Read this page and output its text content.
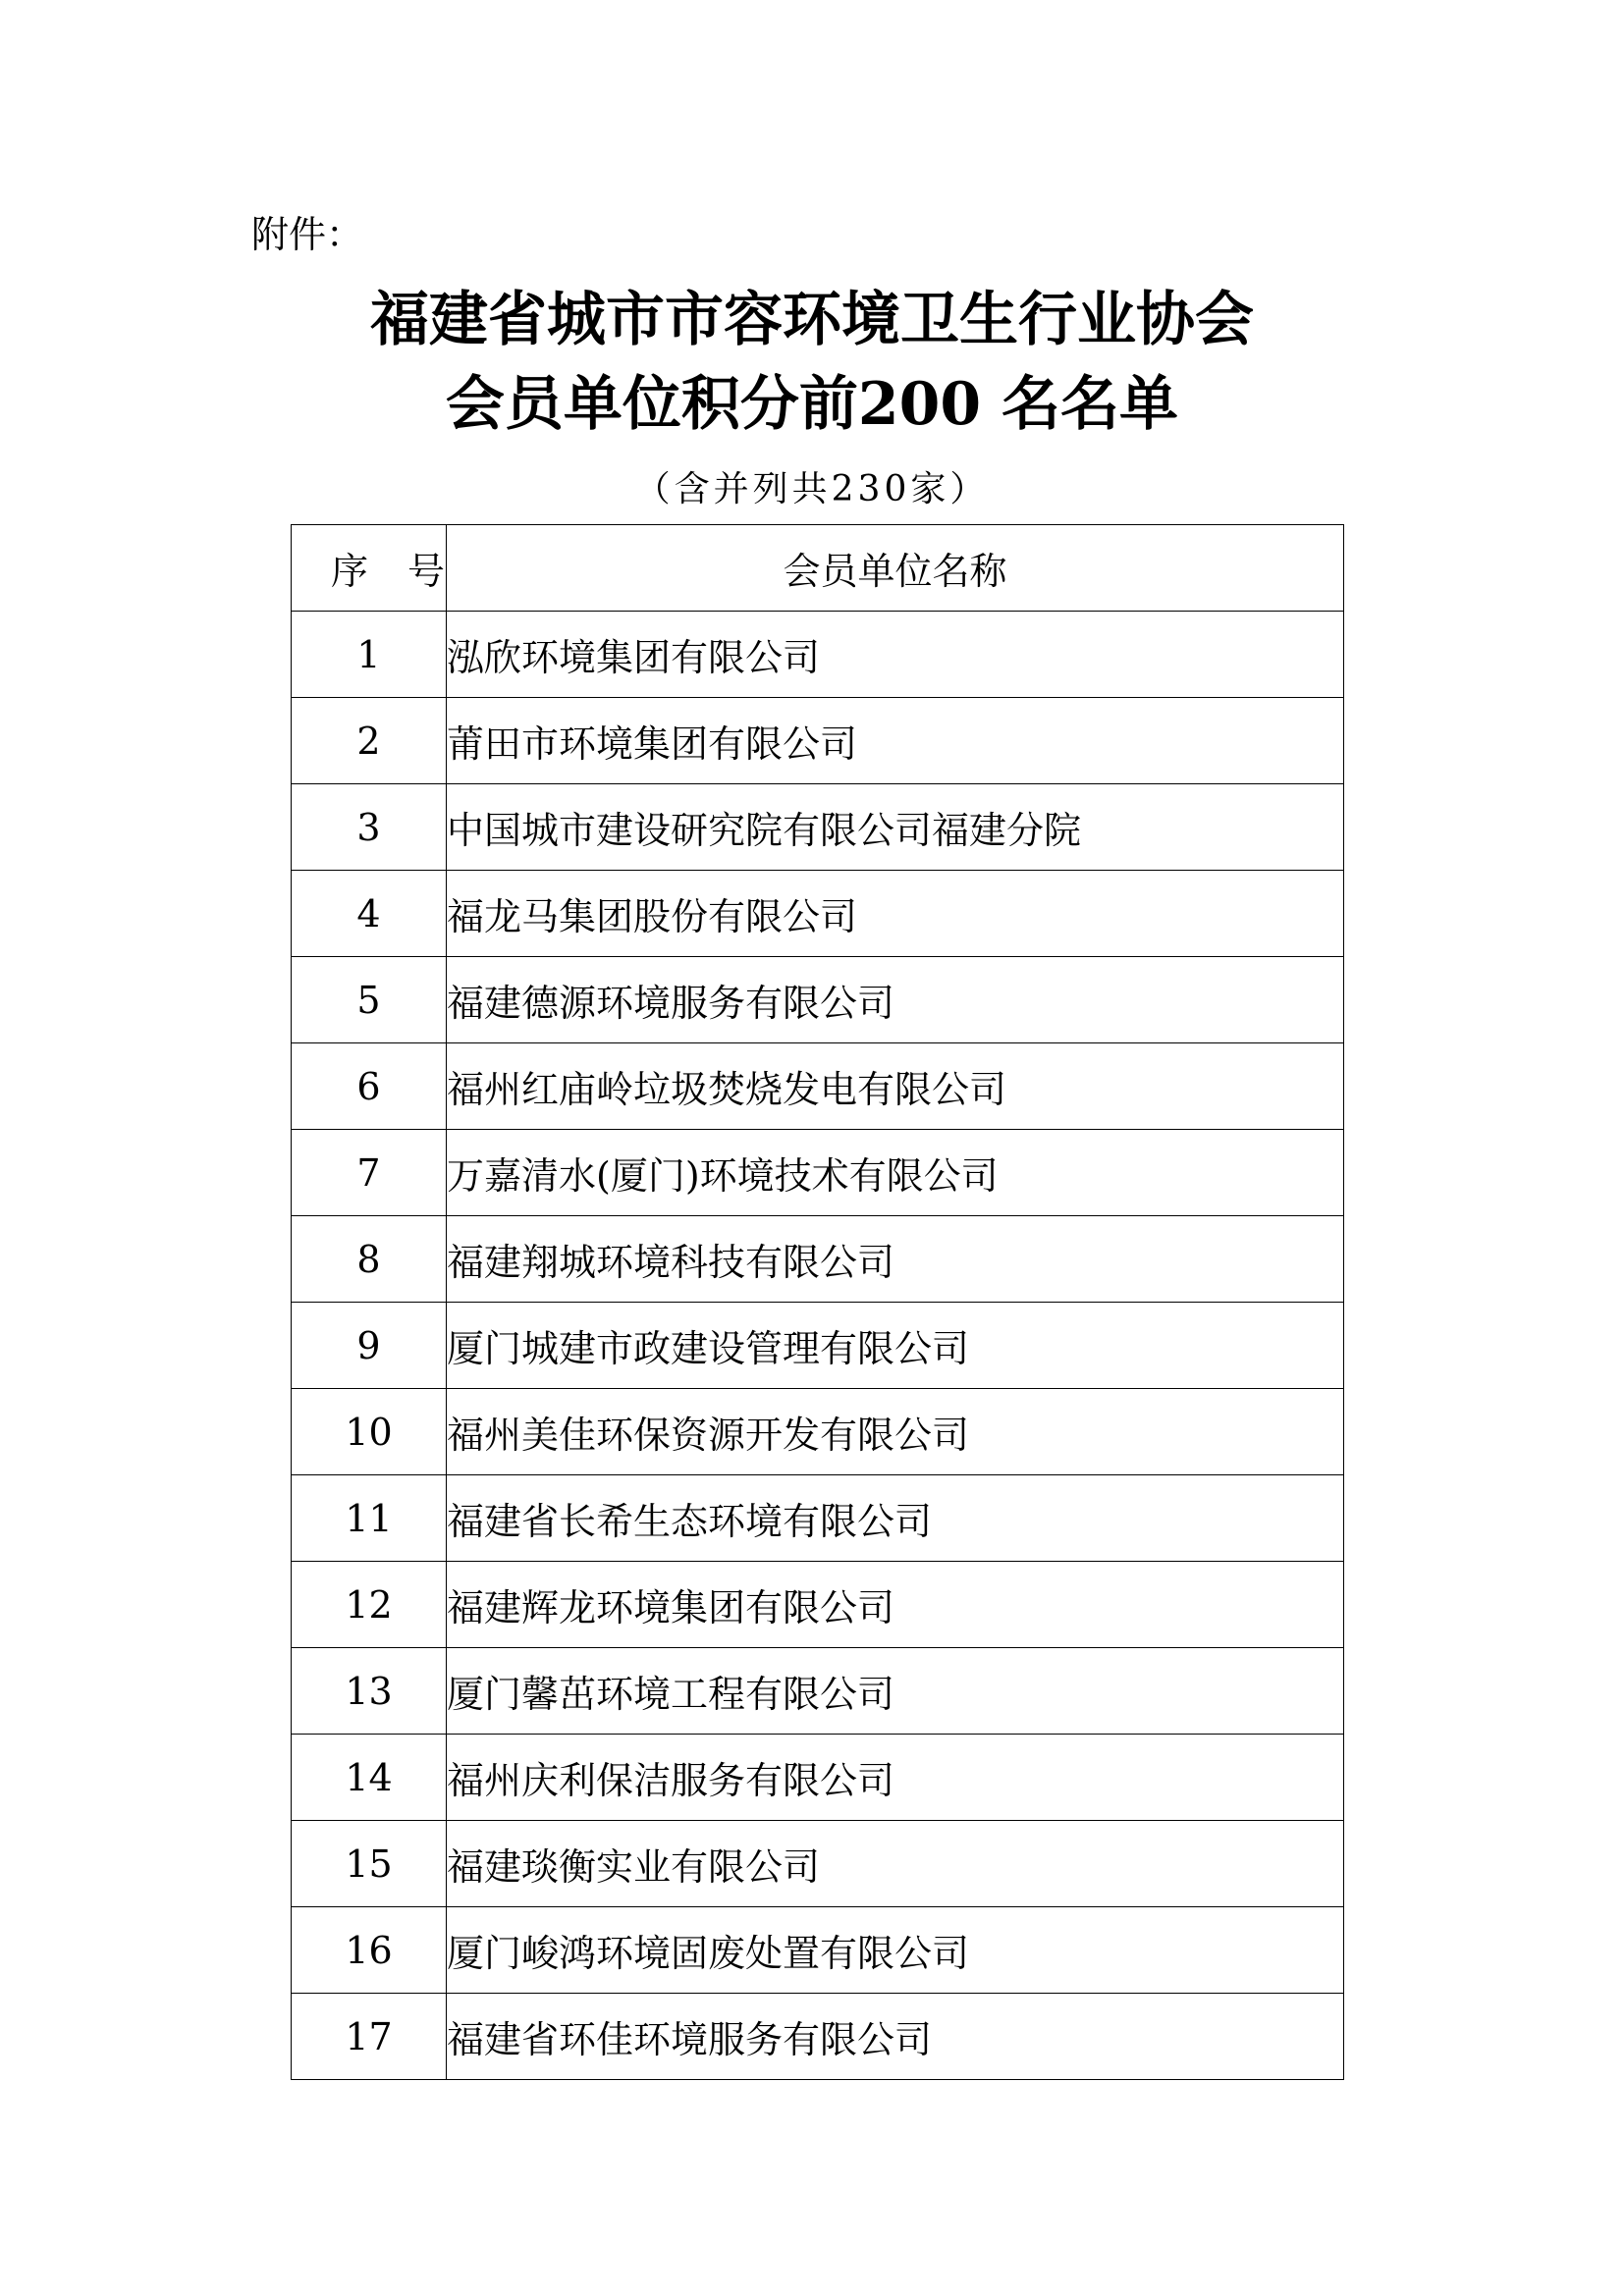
附件：
福建省城市市容环境卫生行业协会
会员单位积分前200 名名单
（含并列共230家）
序号	会员单位名称
1	泓欣环境集团有限公司
2	莆田市环境集团有限公司
3	中国城市建设研究院有限公司福建分院
4	福龙马集团股份有限公司
5	福建德源环境服务有限公司
6	福州红庙岭垃圾焚烧发电有限公司
7	万嘉清水(厦门)环境技术有限公司
8	福建翔城环境科技有限公司
9	厦门城建市政建设管理有限公司
10	福州美佳环保资源开发有限公司
11	福建省长希生态环境有限公司
12	福建辉龙环境集团有限公司
13	厦门馨茁环境工程有限公司
14	福州庆利保洁服务有限公司
15	福建琰衡实业有限公司
16	厦门峻鸿环境固废处置有限公司
17	福建省环佳环境服务有限公司
